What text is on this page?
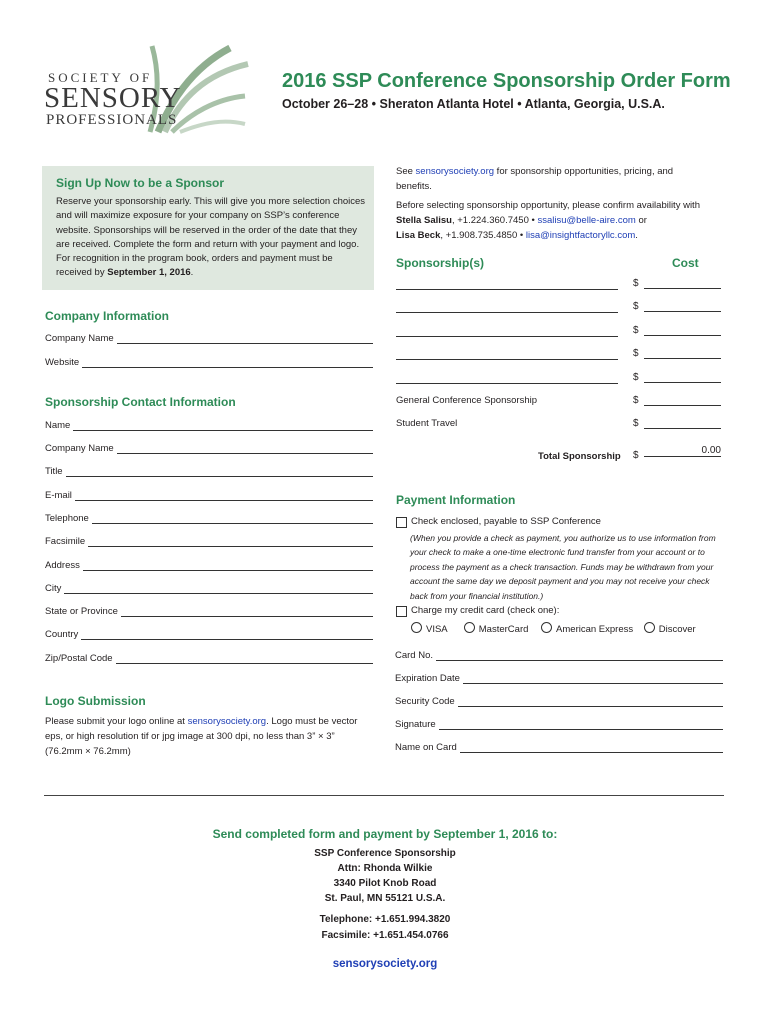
SOCIETY OF
SENSORY
PROFESSIONALS
2016 SSP Conference Sponsorship Order Form
October 26–28 • Sheraton Atlanta Hotel • Atlanta, Georgia, U.S.A.
Sign Up Now to be a Sponsor

Reserve your sponsorship early. This will give you more selection choices and will maximize exposure for your company on SSP’s conference website. Sponsorships will be reserved in the order of the date that they are received. Complete the form and return with your payment and logo. For recognition in the program book, orders and payment must be received by September 1, 2016.

See sensorysociety.org for sponsorship opportunities, pricing, and benefits.
Before selecting sponsorship opportunity, please confirm availability with Stella Salisu, +1.224.360.7450 • ssalisu@belle-aire.com or
Lisa Beck, +1.908.735.4850 • lisa@insightfactoryllc.com.
Company Information
Company Name
Website
Sponsorship Contact Information
Name
Company Name
Title
E-mail
Telephone
Facsimile
Address
City
State or Province
Country
Zip/Postal Code
Logo Submission
Please submit your logo online at sensorysociety.org. Logo must be vector eps, or high resolution tif or jpg image at 300 dpi, no less than 3” × 3” (76.2mm × 76.2mm)
Sponsorship(s)	Cost
$
$
$
$
$
General Conference Sponsorship	$
Student Travel	$
Total Sponsorship $	0.00
Payment Information
Check enclosed, payable to SSP Conference
(When you provide a check as payment, you authorize us to use information from your check to make a one-time electronic fund transfer from your account or to process the payment as a check transaction. Funds may be withdrawn from your account the same day we deposit payment and you may not receive your check back from your financial institution.)
Charge my credit card (check one):
VISA	MasterCard	American Express	Discover
Card No.
Expiration Date
Security Code
Signature
Name on Card
Send completed form and payment by September 1, 2016 to:
SSP Conference Sponsorship
Attn: Rhonda Wilkie
3340 Pilot Knob Road
St. Paul, MN 55121 U.S.A.
Telephone: +1.651.994.3820
Facsimile: +1.651.454.0766
sensorysociety.org
